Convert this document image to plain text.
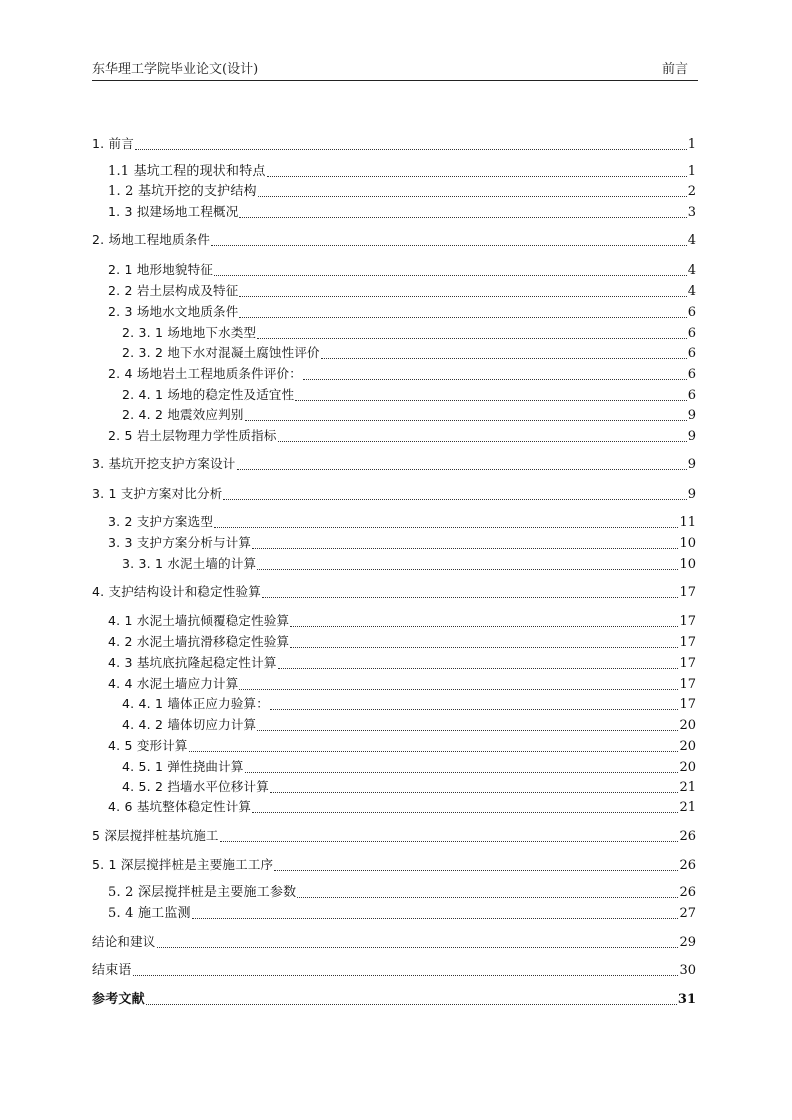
东华理工学院毕业论文(设计)	前言
1. 前言	1
1.1 基坑工程的现状和特点	1
1. 2 基坑开挖的支护结构	2
1. 3 拟建场地工程概况	3
2. 场地工程地质条件	4
2. 1 地形地貌特征	4
2. 2 岩土层构成及特征	4
2. 3 场地水文地质条件	6
2. 3. 1 场地地下水类型	6
2. 3. 2 地下水对混凝土腐蚀性评价	6
2. 4 场地岩土工程地质条件评价：	6
2. 4. 1 场地的稳定性及适宜性	6
2. 4. 2 地震效应判别	9
2. 5 岩土层物理力学性质指标	9
3. 基坑开挖支护方案设计	9
3. 1 支护方案对比分析	9
3. 2 支护方案选型	11
3. 3 支护方案分析与计算	10
3. 3. 1 水泥土墙的计算	10
4. 支护结构设计和稳定性验算	17
4. 1 水泥土墙抗倾覆稳定性验算	17
4. 2 水泥土墙抗滑移稳定性验算	17
4. 3 基坑底抗隆起稳定性计算	17
4. 4 水泥土墙应力计算	17
4. 4. 1 墙体正应力验算：	17
4. 4. 2 墙体切应力计算	20
4. 5 变形计算	20
4. 5. 1 弹性挠曲计算	20
4. 5. 2 挡墙水平位移计算	21
4. 6 基坑整体稳定性计算	21
5 深层搅拌桩基坑施工	26
5. 1 深层搅拌桩是主要施工工序	26
5. 2 深层搅拌桩是主要施工参数	26
5. 4 施工监测	27
结论和建议	29
结束语	30
参考文献	31
